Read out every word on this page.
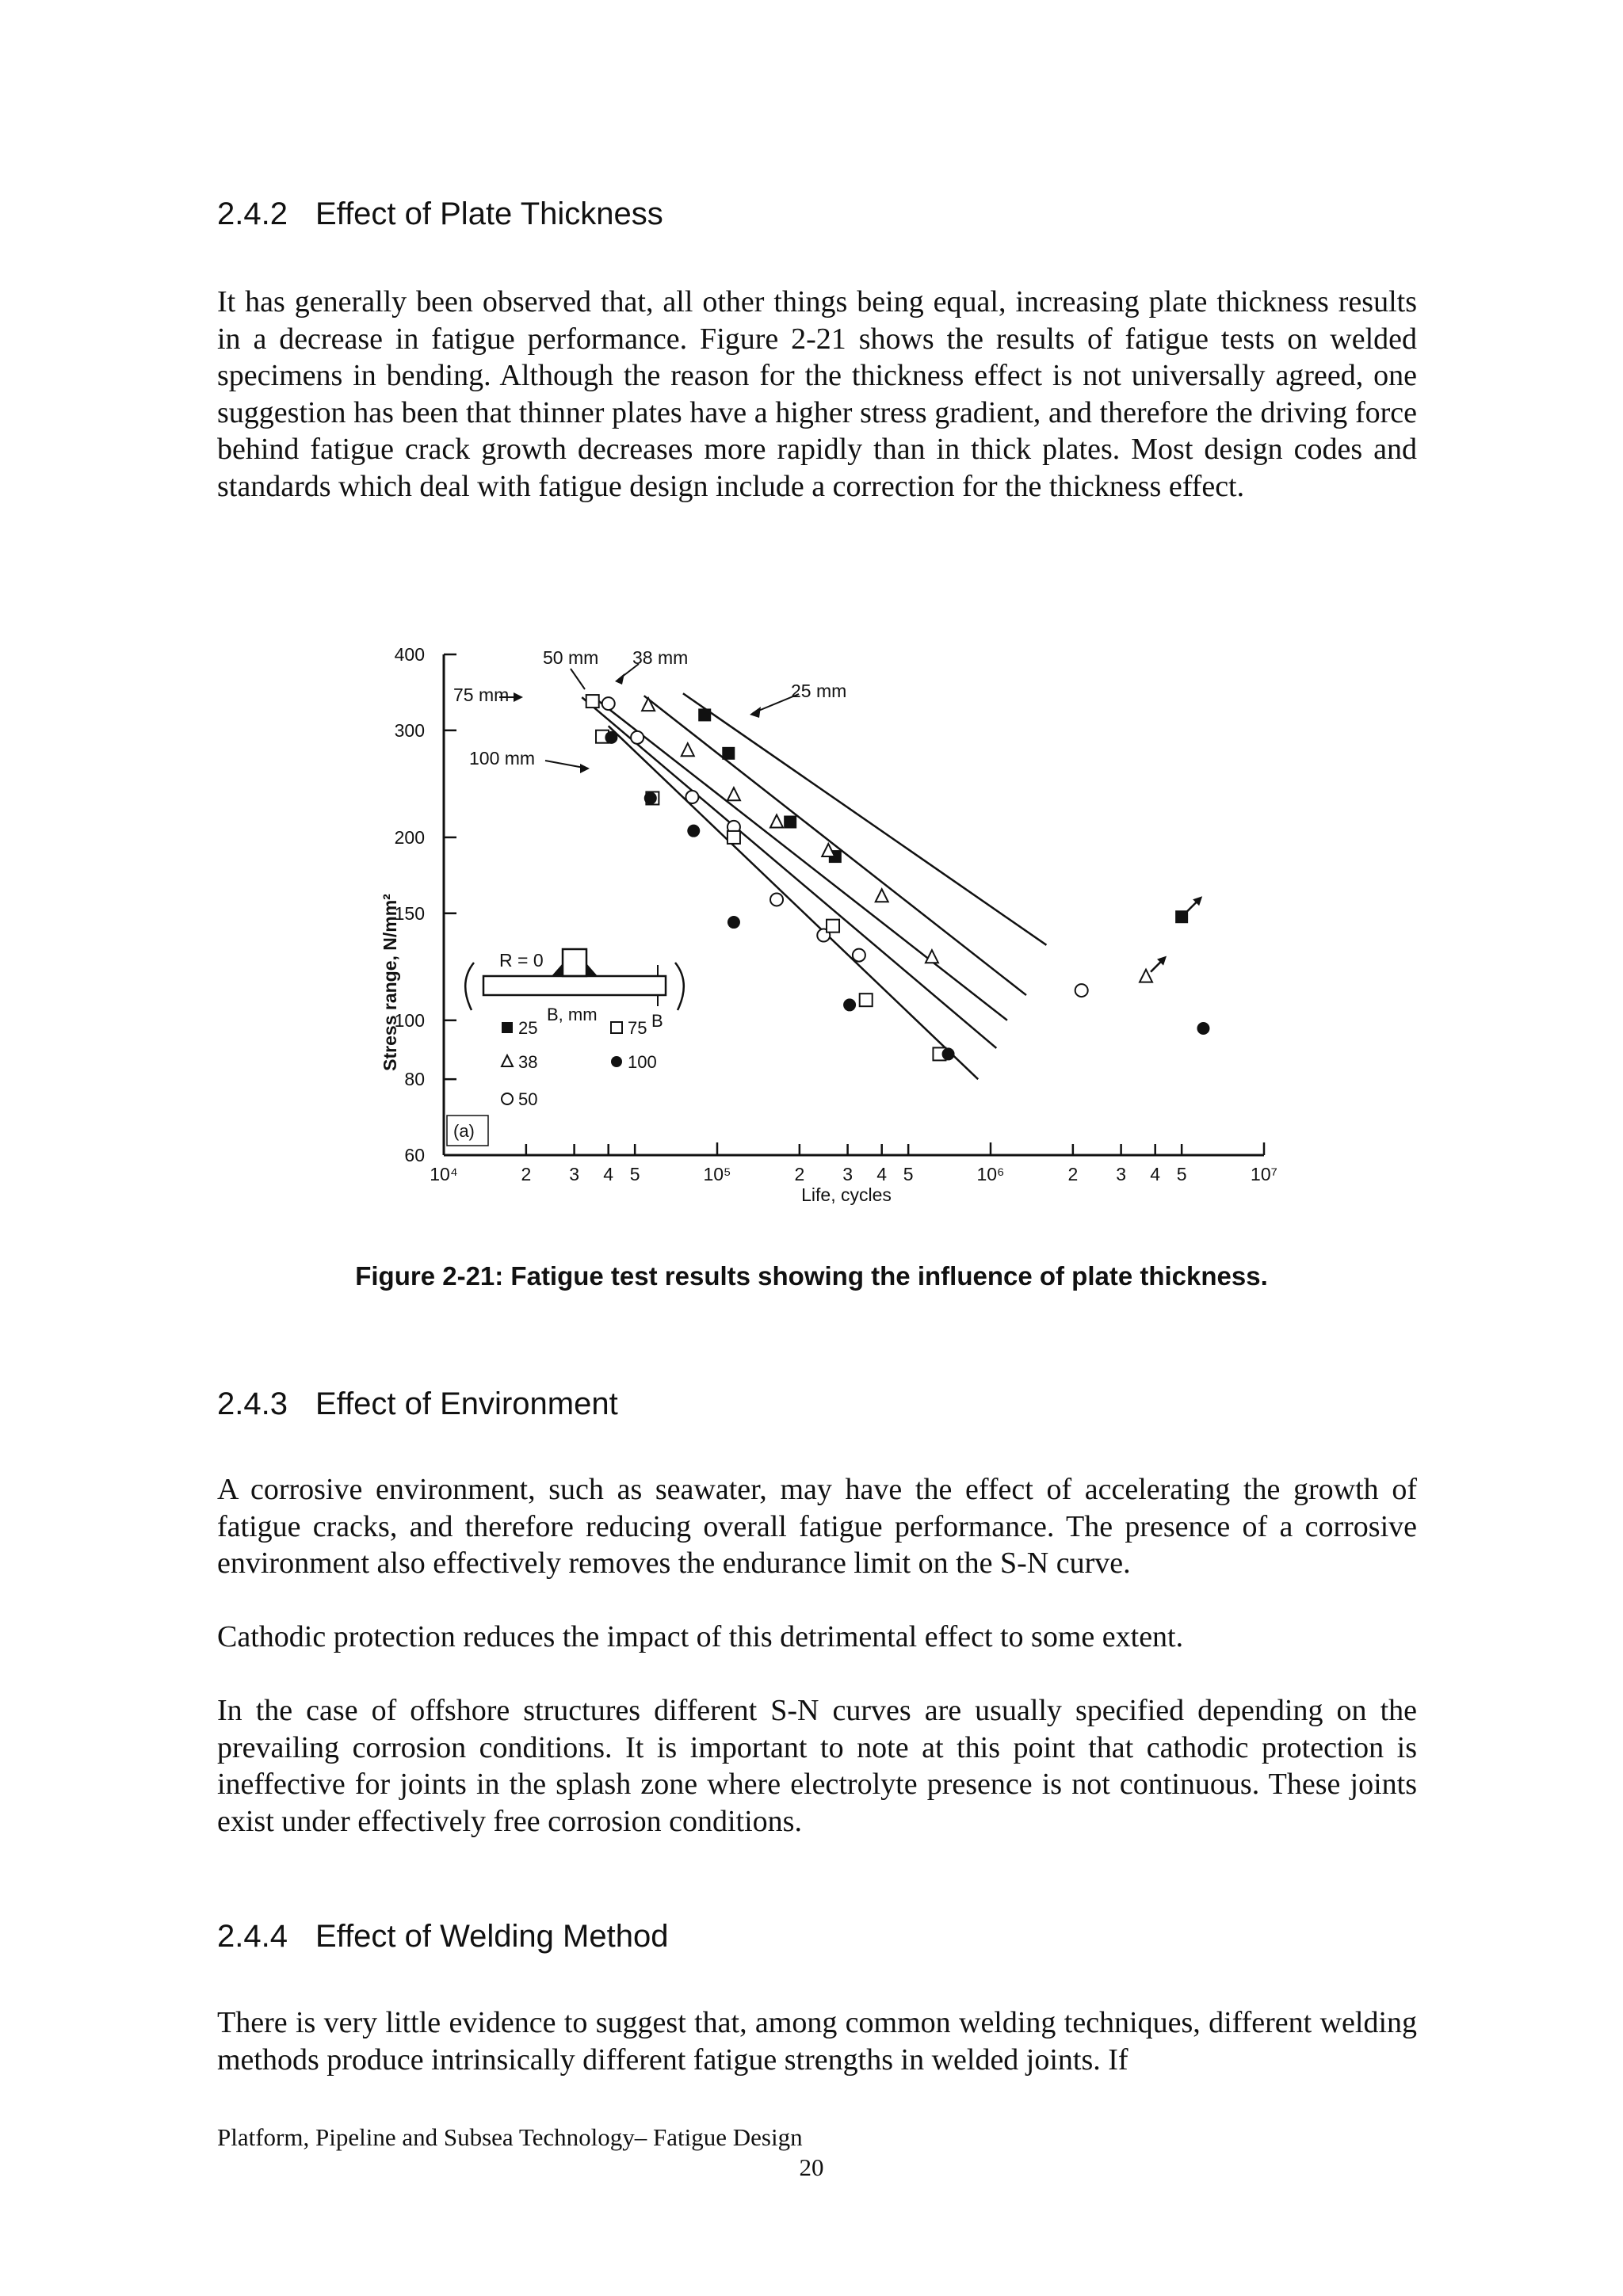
2.4.2 Effect of Plate Thickness

It has generally been observed that, all other things being equal, increasing plate thickness results in a decrease in fatigue performance. Figure 2-21 shows the results of fatigue tests on welded specimens in bending. Although the reason for the thickness effect is not universally agreed, one suggestion has been that thinner plates have a higher stress gradient, and therefore the driving force behind fatigue crack growth decreases more rapidly than in thick plates. Most design codes and standards which deal with fatigue design include a correction for the thickness effect.

400
300
200
150
100
80
60
10⁴	2 3 4 5	10⁵	2 3 4 5	10⁶	2 3 4 5	10⁷
Stress range, N/mm²
Life, cycles
50 mm 38 mm
75 mm	25 mm
100 mm
R = 0
B
B, mm
(a)
25	75
38	100
50
Figure 2-21: Fatigue test results showing the influence of plate thickness.
2.4.3 Effect of Environment

A corrosive environment, such as seawater, may have the effect of accelerating the growth of fatigue cracks, and therefore reducing overall fatigue performance. The presence of a corrosive environment also effectively removes the endurance limit on the S-N curve.

Cathodic protection reduces the impact of this detrimental effect to some extent.

In the case of offshore structures different S-N curves are usually specified depending on the prevailing corrosion conditions. It is important to note at this point that cathodic protection is ineffective for joints in the splash zone where electrolyte presence is not continuous. These joints exist under effectively free corrosion conditions.

2.4.4 Effect of Welding Method

There is very little evidence to suggest that, among common welding techniques, different welding methods produce intrinsically different fatigue strengths in welded joints. If

Platform, Pipeline and Subsea Technology– Fatigue Design
20
